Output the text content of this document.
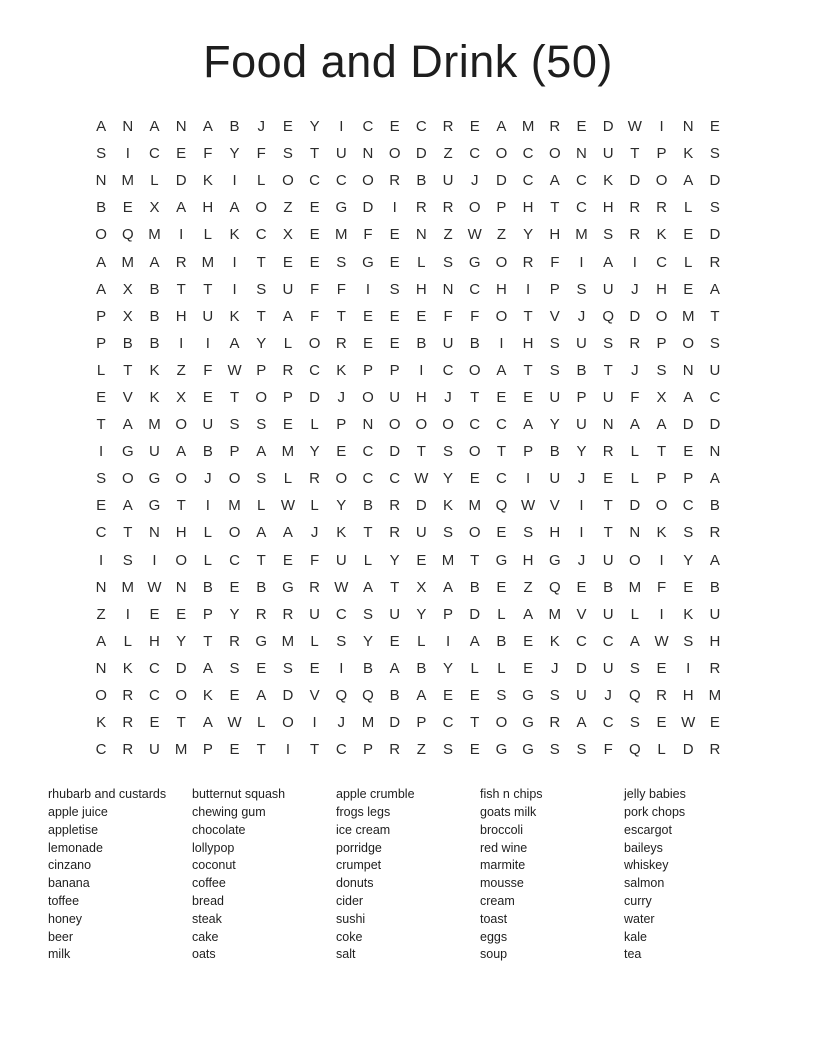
Food and Drink (50)
A	N	A	N	A	B	J	E	Y	I	C	E	C	R	E	A	M	R	E	D W	I	N	E
S	I	C	E	F	Y	F	S	T	U	N	O	D	Z	C	O	C	O	N	U	T	P	K	S
N	M	L	D	K	I	L	O	C	C	O	R	B	U	J	D	C	A	C	K	D	O	A	D
B	E	X	A	H	A	O	Z	E	G	D	I	R	R	O	P	H	T	C	H	R	R	L	S
O	Q M	I	L	K	C	X	E	M	F	E	N	Z	W	Z	Y	H	M	S	R	K	E	D
A	M	A	R	M	I	T	E	E	S	G	E	L	S	G	O	R	F	I	A	I	C	L	R
A	X	B	T	T	I	S	U	F	F	I	S	H	N	C	H	I	P	S	U	J	H	E	A
P	X	B	H	U	K	T	A	F	T	E	E	E	F	F	O	T	V	J	Q	D	O M	T
P	B	B	I	I	A	Y	L	O	R	E	E	B	U	B	I	H	S	U	S	R	P	O	S
L	T	K	Z	F	W P	R	C	K	P	P	I	C	O	A	T	S	B	T	J	S	N	U
E	V	K	X	E	T	O	P	D	J	O	U	H	J	T	E	E	U	P	U	F	X	A	C
T	A	M O	U	S	S	E	L	P	N	O	O	O	C	C	A	Y	U	N	A	A	D	D
I	G	U	A	B	P	A	M	Y	E	C	D	T	S	O	T	P	B	Y	R	L	T	E	N
S	O	G	O	J	O	S	L	R	O	C	C W Y	E	C	I	U	J	E	L	P	P	A
E	A	G	T	I	M	L	W	L	Y	B	R	D	K	M Q W V	I	T	D	O	C	B
C	T	N	H	L	O	A	A	J	K	T	R	U	S	O	E	S	H	I	T	N	K	S	R
I	S	I	O	L	C	T	E	F	U	L	Y	E	M	T	G	H	G	J	U	O	I	Y	A
N	M W N	B	E	B	G	R W A	T	X	A	B	E	Z	Q	E	B	M	F	E	B
Z	I	E	E	P	Y	R	R	U	C	S	U	Y	P	D	L	A	M	V	U	L	I	K	U
A	L	H	Y	T	R	G M	L	S	Y	E	L	I	A	B	E	K	C	C	A W S	H
N	K	C	D	A	S	E	S	E	I	B	A	B	Y	L	L	E	J	D	U	S	E	I	R
O	R	C	O	K	E	A	D	V	Q	Q	B	A	E	E	S	G	S	U	J	Q	R	H	M
K	R	E	T	A W	L	O	I	J	M	D	P	C	T	O	G	R	A	C	S	E W E
C	R	U	M	P	E	T	I	T	C	P	R	Z	S	E	G	G	S	S	F	Q	L	D	R
rhubarb and custards
apple juice
appletise
lemonade
cinzano
banana
toffee
honey
beer
milk
butternut squash
chewing gum
chocolate
lollypop
coconut
coffee
bread
steak
cake
oats
apple crumble
frogs legs
ice cream
porridge
crumpet
donuts
cider
sushi
coke
salt
fish n chips
goats milk
broccoli
red wine
marmite
mousse
cream
toast
eggs
soup
jelly babies
pork chops
escargot
baileys
whiskey
salmon
curry
water
kale
tea
